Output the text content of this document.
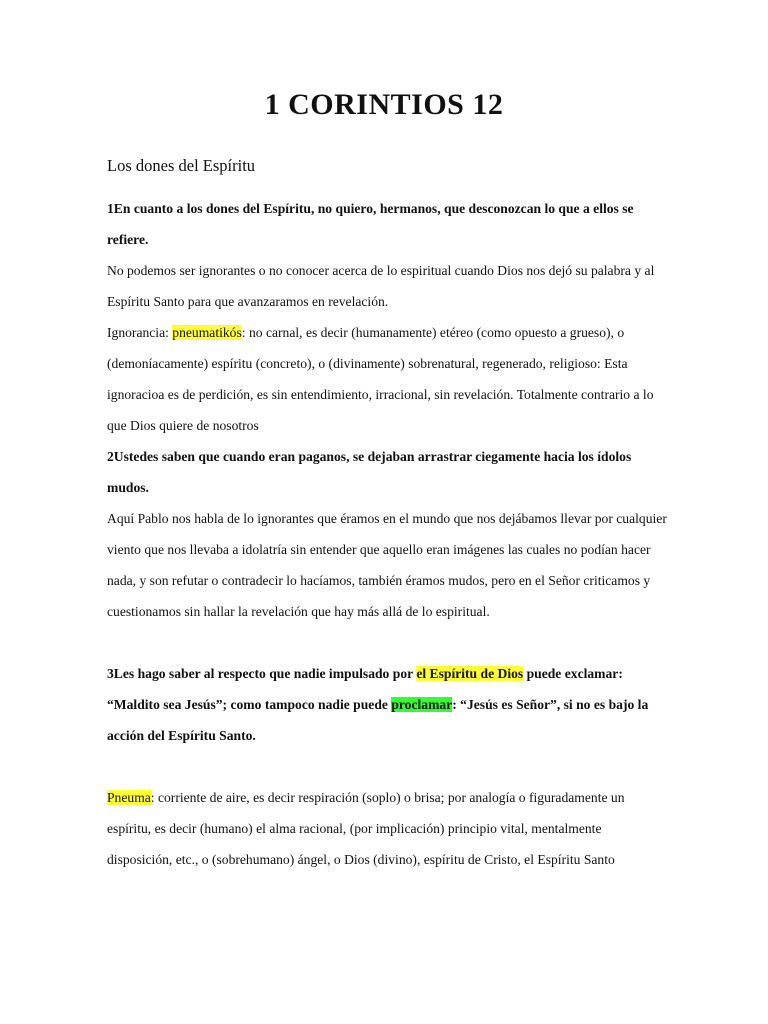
1 CORINTIOS 12
Los dones del Espíritu

1En cuanto a los dones del Espíritu, no quiero, hermanos, que desconozcan lo que a ellos se refiere.

No podemos ser ignorantes o no conocer acerca de lo espiritual cuando Dios nos dejó su palabra y al Espíritu Santo para que avanzaramos en revelación.

Ignorancia: pneumatikós: no carnal, es decir (humanamente) etéreo (como opuesto a grueso), o (demoníacamente) espíritu (concreto), o (divinamente) sobrenatural, regenerado, religioso: Esta ignoracioa es de perdición, es sin entendimiento, irracional, sin revelación. Totalmente contrario a lo que Dios quiere de nosotros

2Ustedes saben que cuando eran paganos, se dejaban arrastrar ciegamente hacia los ídolos mudos.

Aquí Pablo nos habla de lo ignorantes que éramos en el mundo que nos dejábamos llevar por cualquier viento que nos llevaba a idolatría sin entender que aquello eran imágenes las cuales no podían hacer nada, y son refutar o contradecir lo hacíamos, también éramos mudos, pero en el Señor criticamos y cuestionamos sin hallar la revelación que hay más allá de lo espiritual.

3Les hago saber al respecto que nadie impulsado por el Espíritu de Dios puede exclamar: “Maldito sea Jesús”; como tampoco nadie puede proclamar: “Jesús es Señor”, si no es bajo la acción del Espíritu Santo.

Pneuma: corriente de aire, es decir respiración (soplo) o brisa; por analogía o figuradamente un espíritu, es decir (humano) el alma racional, (por implicación) principio vital, mentalmente disposición, etc., o (sobrehumano) ángel, o Dios (divino), espíritu de Cristo, el Espíritu Santo
